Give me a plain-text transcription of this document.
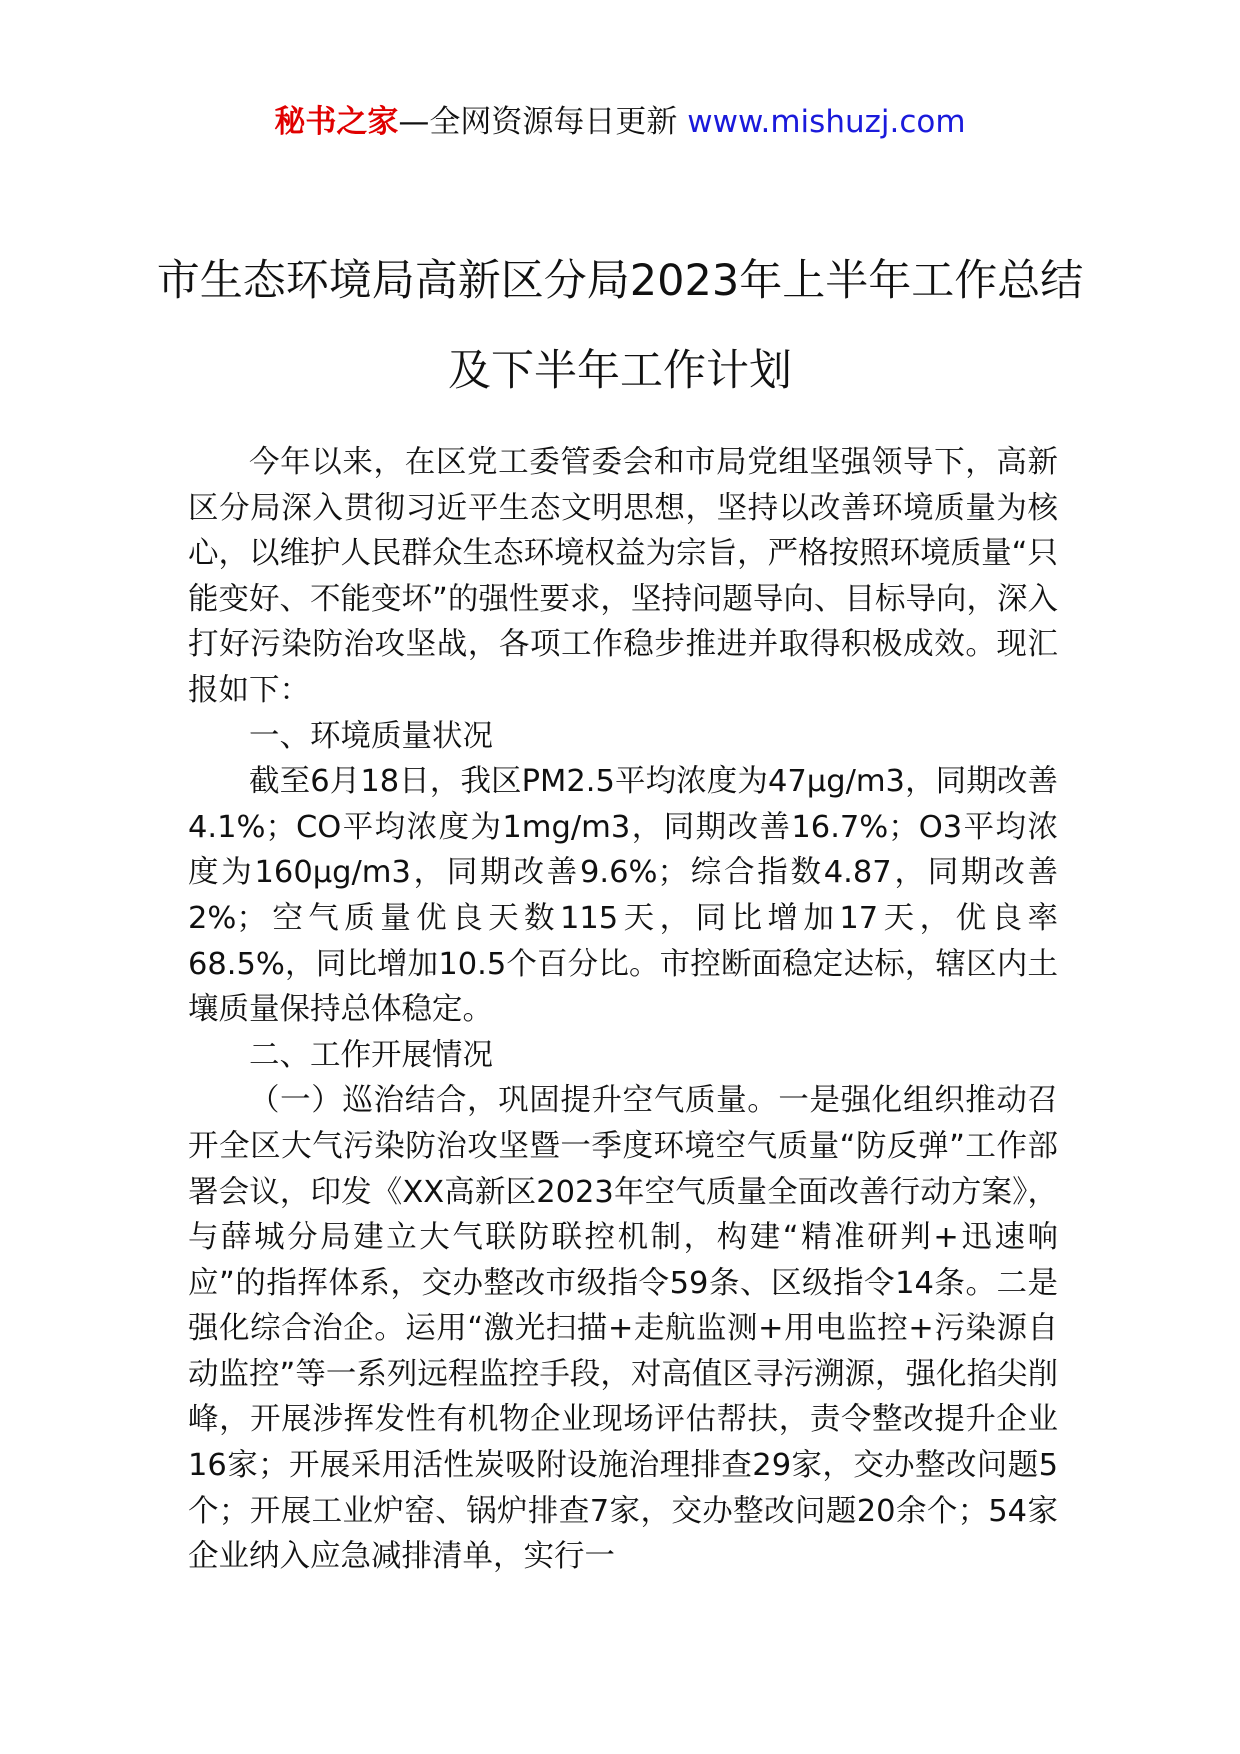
秘书之家—全网资源每日更新 www.mishuzj.com
市生态环境局高新区分局2023年上半年工作总结及下半年工作计划

今年以来，在区党工委管委会和市局党组坚强领导下，高新区分局深入贯彻习近平生态文明思想，坚持以改善环境质量为核心，以维护人民群众生态环境权益为宗旨，严格按照环境质量“只能变好、不能变坏”的强性要求，坚持问题导向、目标导向，深入打好污染防治攻坚战，各项工作稳步推进并取得积极成效。现汇报如下：

一、环境质量状况

截至6月18日，我区PM2.5平均浓度为47μg/m3，同期改善4.1%；CO平均浓度为1mg/m3，同期改善16.7%；O3平均浓度为160μg/m3，同期改善9.6%；综合指数4.87，同期改善2%；空气质量优良天数115天，同比增加17天，优良率68.5%，同比增加10.5个百分比。市控断面稳定达标，辖区内土壤质量保持总体稳定。

二、工作开展情况

（一）巡治结合，巩固提升空气质量。一是强化组织推动召开全区大气污染防治攻坚暨一季度环境空气质量“防反弹”工作部署会议，印发《XX高新区2023年空气质量全面改善行动方案》，与薛城分局建立大气联防联控机制，构建“精准研判+迅速响应”的指挥体系，交办整改市级指令59条、区级指令14条。二是强化综合治企。运用“激光扫描+走航监测+用电监控+污染源自动监控”等一系列远程监控手段，对高值区寻污溯源，强化掐尖削峰，开展涉挥发性有机物企业现场评估帮扶，责令整改提升企业16家；开展采用活性炭吸附设施治理排查29家，交办整改问题5个；开展工业炉窑、锅炉排查7家，交办整改问题20余个；54家企业纳入应急减排清单，实行一
